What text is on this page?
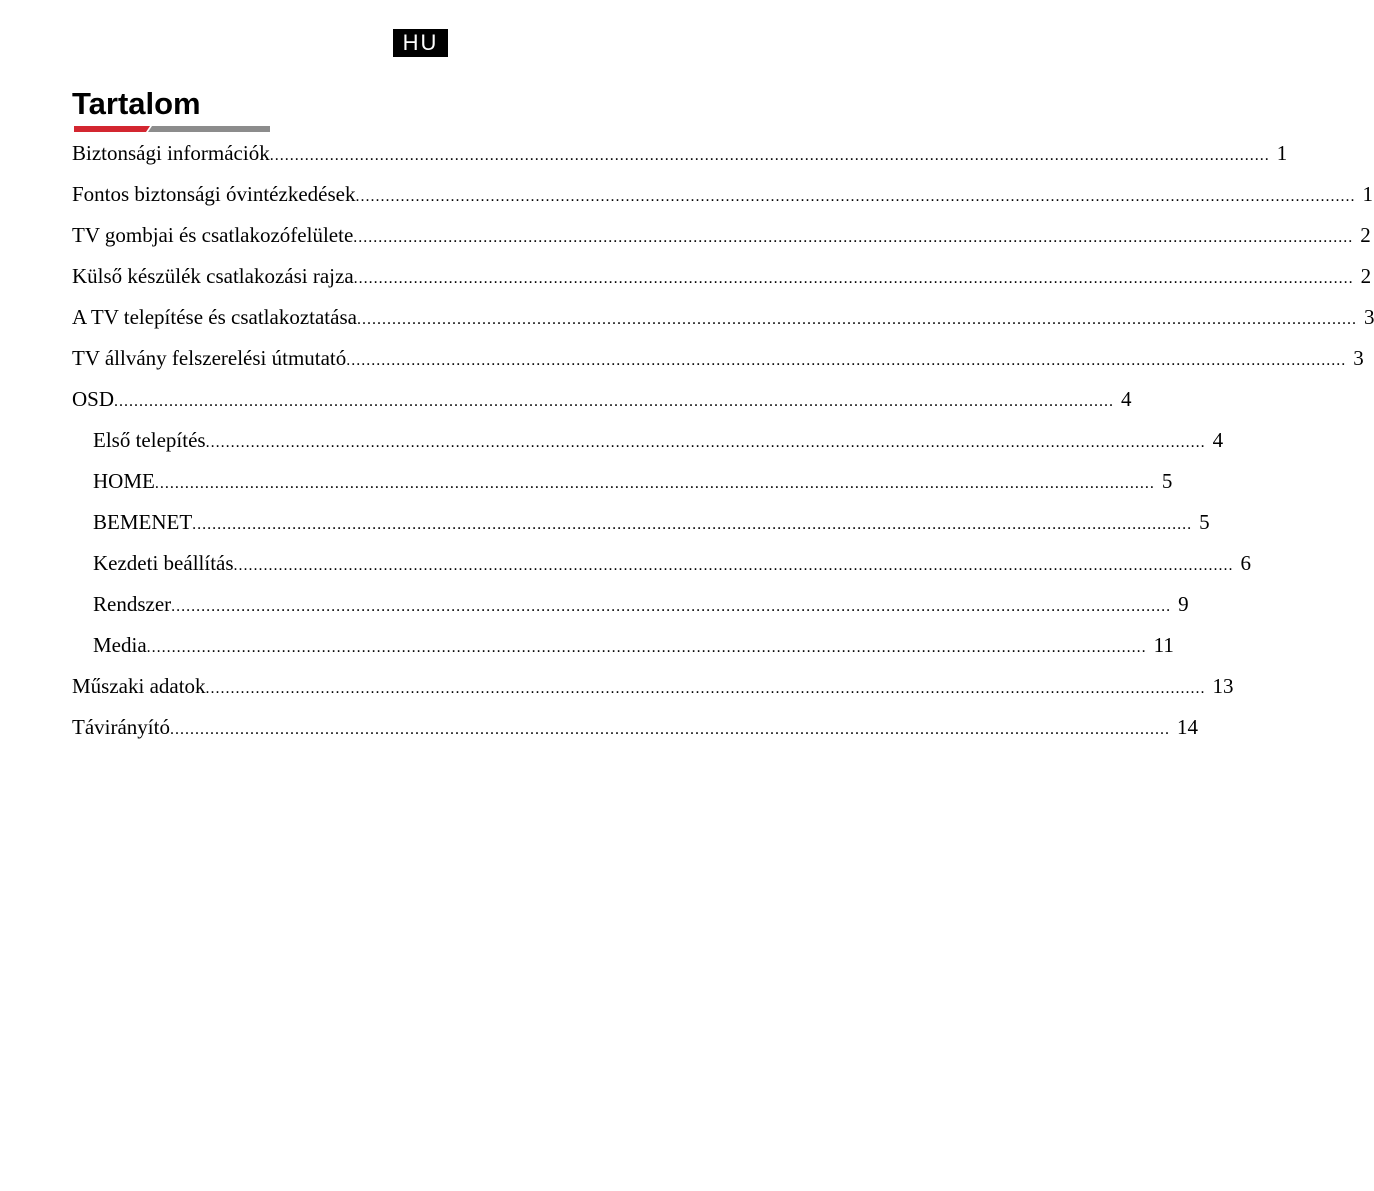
HU
Tartalom
Biztonsági információk ........................................................................................................................................................................................................ 1
Fontos biztonsági óvintézkedések ........................................................................................................................................................................................................ 1
TV gombjai és csatlakozófelülete ........................................................................................................................................................................................................ 2
Külső készülék csatlakozási rajza ........................................................................................................................................................................................................ 2
A TV telepítése és csatlakoztatása ........................................................................................................................................................................................................ 3
TV állvány felszerelési útmutató ........................................................................................................................................................................................................ 3
OSD ........................................................................................................................................................................................................ 4
Első telepítés ........................................................................................................................................................................................................ 4
HOME ........................................................................................................................................................................................................ 5
BEMENET ........................................................................................................................................................................................................ 5
Kezdeti beállítás ........................................................................................................................................................................................................ 6
Rendszer ........................................................................................................................................................................................................ 9
Media ........................................................................................................................................................................................................ 11
Műszaki adatok ........................................................................................................................................................................................................ 13
Távirányító ........................................................................................................................................................................................................ 14
